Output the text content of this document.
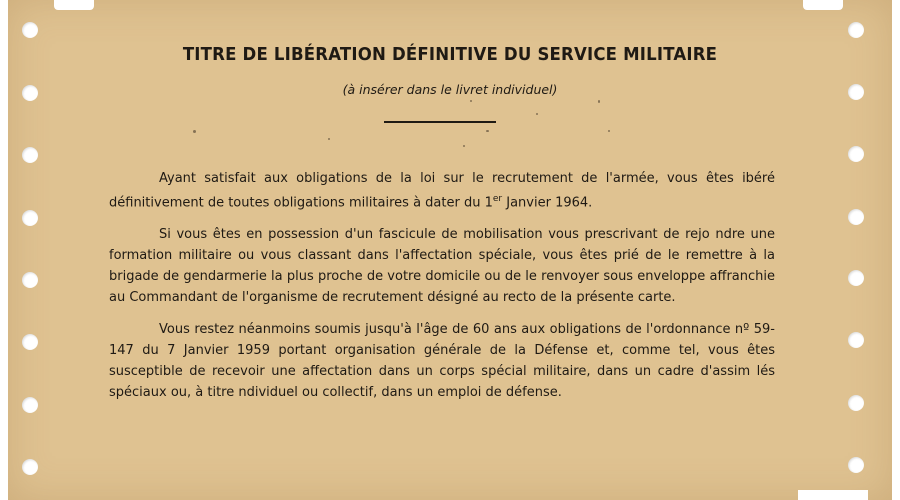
TITRE DE LIBÉRATION DÉFINITIVE DU SERVICE MILITAIRE
(à insérer dans le livret individuel)

Ayant satisfait aux obligations de la loi sur le recrutement de l'armée, vous êtes ibéré définitivement de toutes obligations militaires à dater du 1er Janvier 1964.

Si vous êtes en possession d'un fascicule de mobilisation vous prescrivant de rejo ndre une formation militaire ou vous classant dans l'affectation spéciale, vous êtes prié de le remettre à la brigade de gendarmerie la plus proche de votre domicile ou de le renvoyer sous enveloppe affranchie au Commandant de l'organisme de recrutement désigné au recto de la présente carte.

Vous restez néanmoins soumis jusqu'à l'âge de 60 ans aux obligations de l'ordonnance nº 59-147 du 7 Janvier 1959 portant organisation générale de la Défense et, comme tel, vous êtes susceptible de recevoir une affectation dans un corps spécial militaire, dans un cadre d'assim lés spéciaux ou, à titre ndividuel ou collectif, dans un emploi de défense.
